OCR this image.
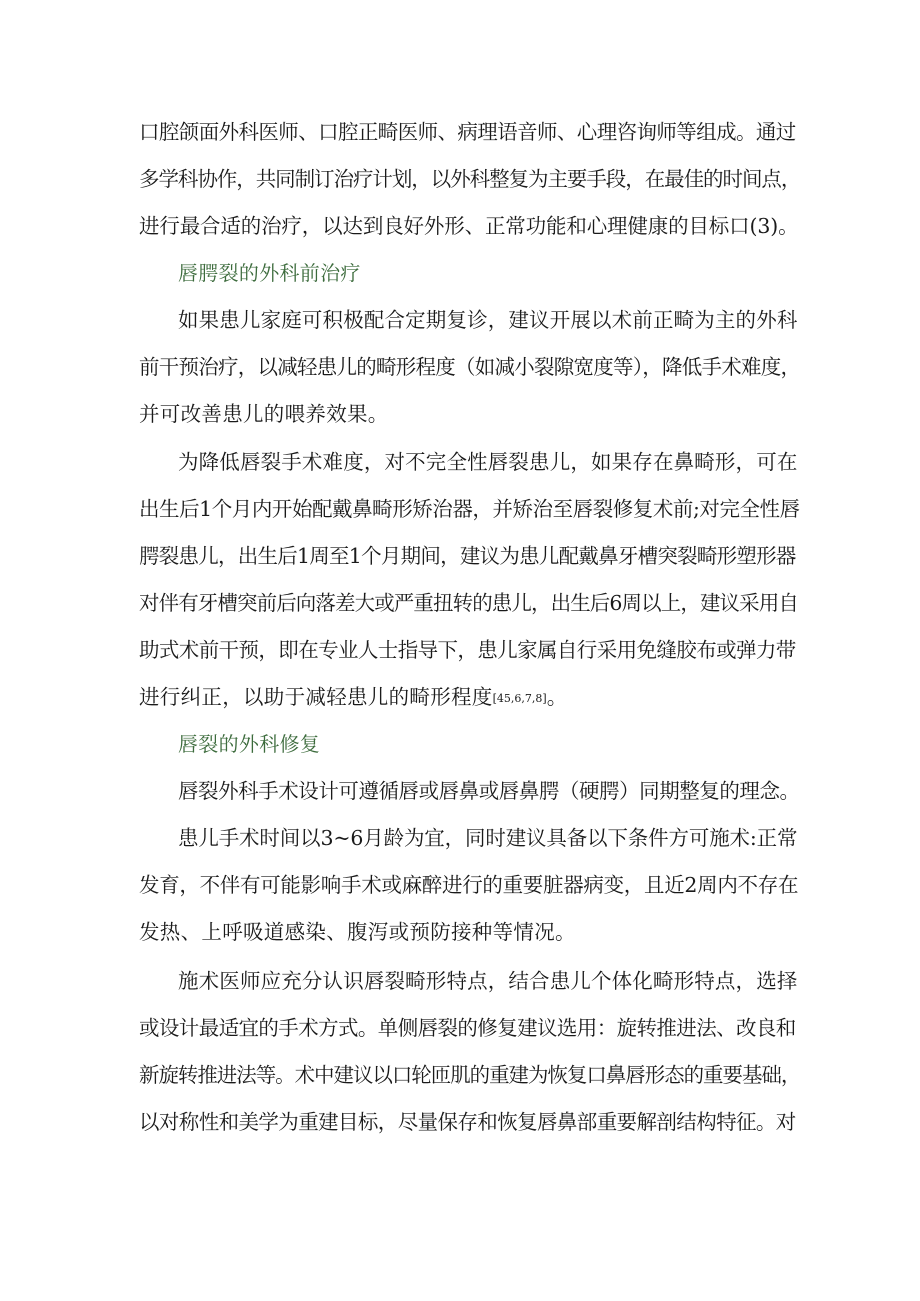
口腔颌面外科医师、口腔正畸医师、病理语音师、心理咨询师等组成。通过
多学科协作，共同制订治疗计划，以外科整复为主要手段，在最佳的时间点，
进行最合适的治疗，以达到良好外形、正常功能和心理健康的目标口(3)。
唇腭裂的外科前治疗
如果患儿家庭可积极配合定期复诊，建议开展以术前正畸为主的外科
前干预治疗，以减轻患儿的畸形程度（如减小裂隙宽度等），降低手术难度，
并可改善患儿的喂养效果。
为降低唇裂手术难度，对不完全性唇裂患儿，如果存在鼻畸形，可在
出生后1个月内开始配戴鼻畸形矫治器，并矫治至唇裂修复术前;对完全性唇
腭裂患儿，出生后1周至1个月期间，建议为患儿配戴鼻牙槽突裂畸形塑形器
对伴有牙槽突前后向落差大或严重扭转的患儿，出生后6周以上，建议采用自
助式术前干预，即在专业人士指导下，患儿家属自行采用免缝胶布或弹力带
进行纠正，以助于减轻患儿的畸形程度[45,6,7,8]。
唇裂的外科修复
唇裂外科手术设计可遵循唇或唇鼻或唇鼻腭（硬腭）同期整复的理念。
患儿手术时间以3~6月龄为宜，同时建议具备以下条件方可施术:正常
发育，不伴有可能影响手术或麻醉进行的重要脏器病变，且近2周内不存在
发热、上呼吸道感染、腹泻或预防接种等情况。
施术医师应充分认识唇裂畸形特点，结合患儿个体化畸形特点，选择
或设计最适宜的手术方式。单侧唇裂的修复建议选用：旋转推进法、改良和
新旋转推进法等。术中建议以口轮匝肌的重建为恢复口鼻唇形态的重要基础，
以对称性和美学为重建目标，尽量保存和恢复唇鼻部重要解剖结构特征。对
